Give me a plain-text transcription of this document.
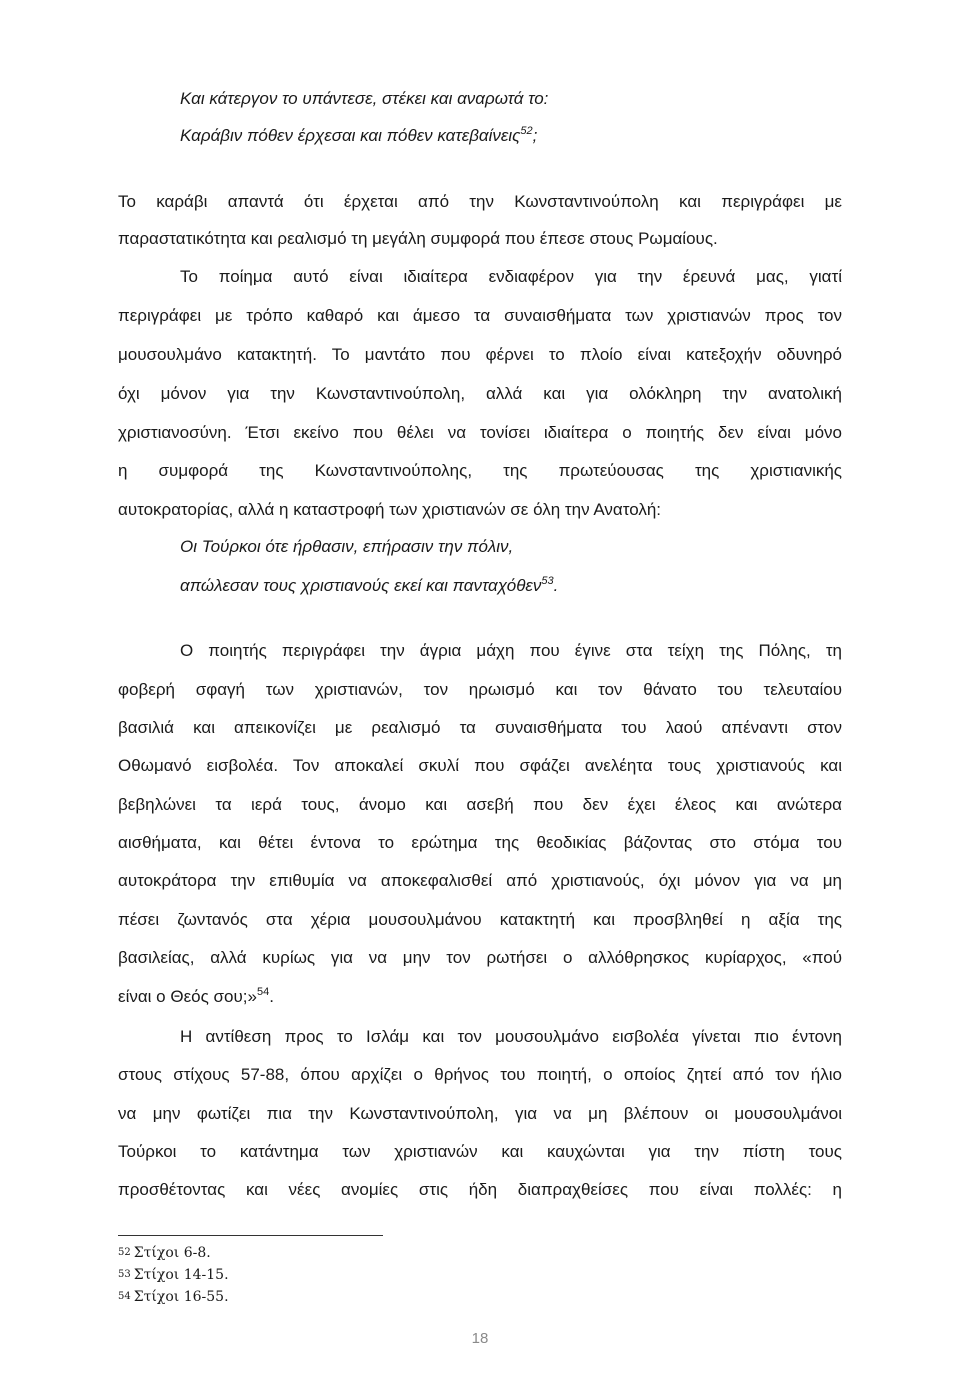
Και κάτεργον το υπάντεσε, στέκει και αναρωτά το:
Καράβιν πόθεν έρχεσαι και πόθεν κατεβαίνεις$^{52}$;
Το καράβι απαντά ότι έρχεται από την Κωνσταντινούπολη και περιγράφει με
παραστατικότητα και ρεαλισμό τη μεγάλη συμφορά που έπεσε στους Ρωμαίους.
Το ποίημα αυτό είναι ιδιαίτερα ενδιαφέρον για την έρευνά μας, γιατί
περιγράφει με τρόπο καθαρό και άμεσο τα συναισθήματα των χριστιανών προς τον
μουσουλμάνο κατακτητή. Το μαντάτο που φέρνει το πλοίο είναι κατεξοχήν οδυνηρό
όχι μόνον για την Κωνσταντινούπολη, αλλά και για ολόκληρη την ανατολική
χριστιανοσύνη. Έτσι εκείνο που θέλει να τονίσει ιδιαίτερα ο ποιητής δεν είναι μόνο
η συμφορά της Κωνσταντινούπολης, της πρωτεύουσας της χριστιανικής
αυτοκρατορίας, αλλά η καταστροφή των χριστιανών σε όλη την Ανατολή:
Οι Τούρκοι ότε ήρθασιν, επήρασιν την πόλιν,
απώλεσαν τους χριστιανούς εκεί και πανταχόθεν$^{53}$.
Ο ποιητής περιγράφει την άγρια μάχη που έγινε στα τείχη της Πόλης, τη
φοβερή σφαγή των χριστιανών, τον ηρωισμό και τον θάνατο του τελευταίου
βασιλιά και απεικονίζει με ρεαλισμό τα συναισθήματα του λαού απέναντι στον
Οθωμανό εισβολέα. Τον αποκαλεί σκυλί που σφάζει ανελέητα τους χριστιανούς και
βεβηλώνει τα ιερά τους, άνομο και ασεβή που δεν έχει έλεος και ανώτερα
αισθήματα, και θέτει έντονα το ερώτημα της θεοδικίας βάζοντας στο στόμα του
αυτοκράτορα την επιθυμία να αποκεφαλισθεί από χριστιανούς, όχι μόνον για να μη
πέσει ζωντανός στα χέρια μουσουλμάνου κατακτητή και προσβληθεί η αξία της
βασιλείας, αλλά κυρίως για να μην τον ρωτήσει ο αλλόθρησκος κυρίαρχος, «πού
είναι ο Θεός σου;»$^{54}$.
Η αντίθεση προς το Ισλάμ και τον μουσουλμάνο εισβολέα γίνεται πιο έντονη
στους στίχους 57-88, όπου αρχίζει ο θρήνος του ποιητή, ο οποίος ζητεί από τον ήλιο
να μην φωτίζει πια την Κωνσταντινούπολη, για να μη βλέπουν οι μουσουλμάνοι
Τούρκοι το κατάντημα των χριστιανών και καυχώνται για την πίστη τους
προσθέτοντας και νέες ανομίες στις ήδη διαπραχθείσες που είναι πολλές: η
52 Στίχοι 6-8.
53 Στίχοι 14-15.
54 Στίχοι 16-55.
18
